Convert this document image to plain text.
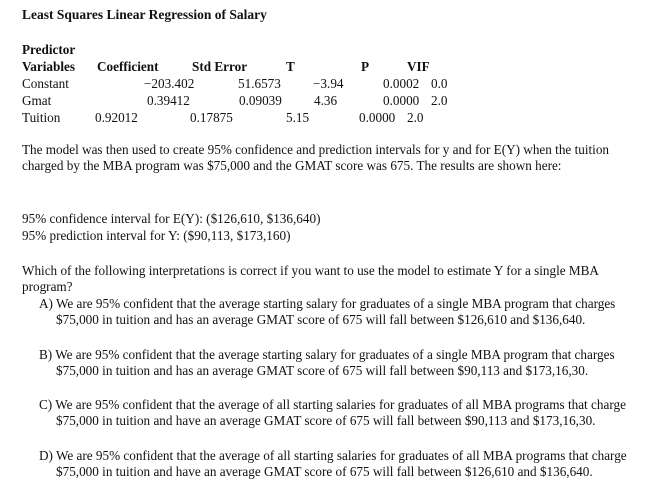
Least Squares Linear Regression of Salary
Predictor
Variables Coefficient	Std Error	T	P	VIF
Constant	−203.402	51.6573 −3.94	0.0002 0.0
Gmat	0.39412	0.09039 4.36	0.0000 2.0
Tuition	0.92012	0.17875	5.15	0.0000 2.0
The model was then used to create 95% confidence and prediction intervals for y and for E(Y) when the tuition charged by the MBA program was $75,000 and the GMAT score was 675. The results are shown here:
95% confidence interval for E(Y): ($126,610, $136,640)
95% prediction interval for Y: ($90,113, $173,160)
Which of the following interpretations is correct if you want to use the model to estimate Y for a single MBA program?
A) We are 95% confident that the average starting salary for graduates of a single MBA program that charges $75,000 in tuition and has an average GMAT score of 675 will fall between $126,610 and $136,640.
B) We are 95% confident that the average starting salary for graduates of a single MBA program that charges $75,000 in tuition and has an average GMAT score of 675 will fall between $90,113 and $173,16,30.
C) We are 95% confident that the average of all starting salaries for graduates of all MBA programs that charge $75,000 in tuition and have an average GMAT score of 675 will fall between $90,113 and $173,16,30.
D) We are 95% confident that the average of all starting salaries for graduates of all MBA programs that charge $75,000 in tuition and have an average GMAT score of 675 will fall between $126,610 and $136,640.
